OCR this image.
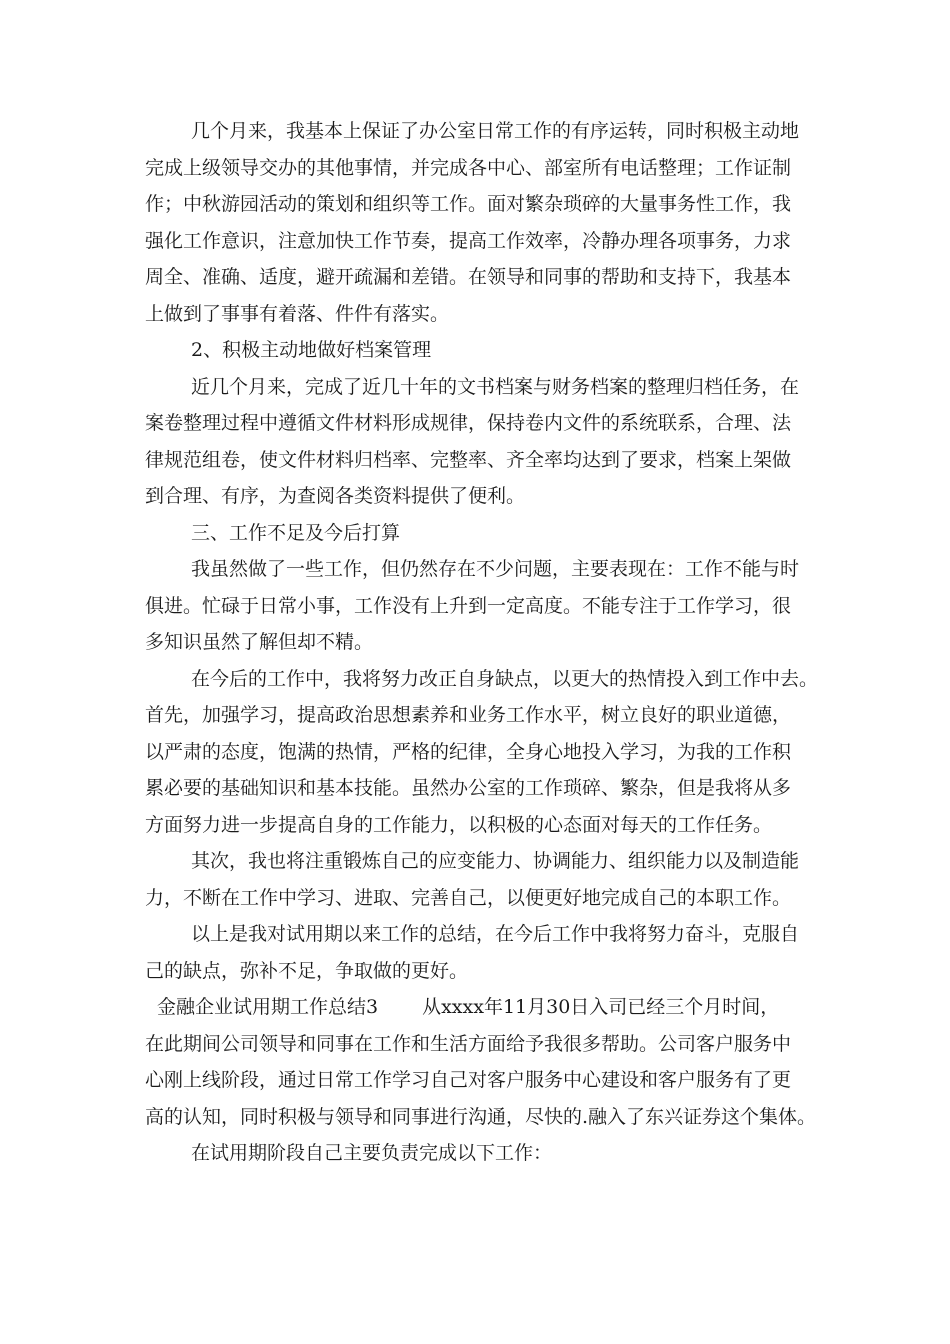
几个月来，我基本上保证了办公室日常工作的有序运转，同时积极主动地
完成上级领导交办的其他事情，并完成各中心、部室所有电话整理；工作证制
作；中秋游园活动的策划和组织等工作。面对繁杂琐碎的大量事务性工作，我
强化工作意识，注意加快工作节奏，提高工作效率，冷静办理各项事务，力求
周全、准确、适度，避开疏漏和差错。在领导和同事的帮助和支持下，我基本
上做到了事事有着落、件件有落实。
2、积极主动地做好档案管理
近几个月来，完成了近几十年的文书档案与财务档案的整理归档任务，在
案卷整理过程中遵循文件材料形成规律，保持卷内文件的系统联系，合理、法
律规范组卷，使文件材料归档率、完整率、齐全率均达到了要求，档案上架做
到合理、有序，为查阅各类资料提供了便利。
三、工作不足及今后打算
我虽然做了一些工作，但仍然存在不少问题，主要表现在：工作不能与时
俱进。忙碌于日常小事，工作没有上升到一定高度。不能专注于工作学习，很
多知识虽然了解但却不精。
在今后的工作中，我将努力改正自身缺点，以更大的热情投入到工作中去。
首先，加强学习，提高政治思想素养和业务工作水平，树立良好的职业道德，
以严肃的态度，饱满的热情，严格的纪律，全身心地投入学习，为我的工作积
累必要的基础知识和基本技能。虽然办公室的工作琐碎、繁杂，但是我将从多
方面努力进一步提高自身的工作能力，以积极的心态面对每天的工作任务。
其次，我也将注重锻炼自己的应变能力、协调能力、组织能力以及制造能
力，不断在工作中学习、进取、完善自己，以便更好地完成自己的本职工作。
以上是我对试用期以来工作的总结，在今后工作中我将努力奋斗，克服自
己的缺点，弥补不足，争取做的更好。
金融企业试用期工作总结3 从xxxx年11月30日入司已经三个月时间，
在此期间公司领导和同事在工作和生活方面给予我很多帮助。公司客户服务中
心刚上线阶段，通过日常工作学习自己对客户服务中心建设和客户服务有了更
高的认知，同时积极与领导和同事进行沟通，尽快的.融入了东兴证券这个集体。
在试用期阶段自己主要负责完成以下工作：
